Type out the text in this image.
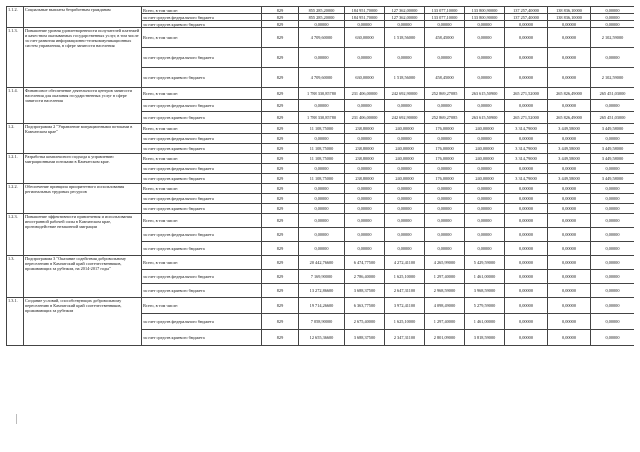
1.1.2.	Социальные выплаты безработным гражданам	Всего, в том числе:	829	855 285,20000	184 951,70000	127 362,00000	133 077,10000	133 800,90000	137 257,40000	138 836,10000	0,00000
		за счет средств федерального бюджета	829	855 285,20000	184 951,70000	127 362,00000	133 077,10000	133 800,90000	137 257,40000	138 836,10000	0,00000
		за счет средств краевого бюджета	829	0,00000	0,00000	0,00000	0,00000	0,00000	0,00000	0,00000	0,00000
1.1.3.	Повышение уровня удовлетворенности получателей платежей и качеством оказываемых государственных услуг, в том числе за счет развития информационно-телекоммуникационных систем управления, в сфере занятости населения	Всего, в том числе:	829	4 709,60000	630,00000	1 518,56000	458,45000	0,00000	0,00000	0,00000	2 102,59000
		за счет средств федерального бюджета	829	0,00000	0,00000	0,00000	0,00000	0,00000	0,00000	0,00000	0,00000
		за счет средств краевого бюджета	829	4 709,60000	630,00000	1 518,56000	458,45000	0,00000	0,00000	0,00000	2 102,59000
1.1.4.	Финансовое обеспечение деятельности центров занятости населения для оказания государственных услуг в сфере занятости населения	Всего, в том числе:	829	1 788 330,85780	231 406,00000	242 692,90000	252 869,27085	263 615,50900	265 271,52000	265 826,49000	265 451,03000
		за счет средств федерального бюджета	829	0,00000	0,00000	0,00000	0,00000	0,00000	0,00000	0,00000	0,00000
		за счет средств краевого бюджета	829	1 788 330,85780	231 406,00000	242 692,90000	252 869,27085	263 615,50900	265 271,52000	265 826,49000	265 451,03000
1.2.	Подпрограмма 2 "Управление миграционными потоками в Камчатском крае"	Всего, в том числе:	829	11 108,75000	238,80000	240,00000	176,00000	240,00000	3 314,79000	3 449,58000	3 449,58000
		за счет средств федерального бюджета	829	0,00000	0,00000	0,00000	0,00000	0,00000	0,00000	0,00000	0,00000
		за счет средств краевого бюджета	829	11 108,75000	238,80000	240,00000	176,00000	240,00000	3 314,79000	3 449,58000	3 449,58000
1.2.1.	Разработка комплексного подхода к управлению миграционными потоками в Камчатском крае.	Всего, в том числе:	829	11 108,75000	238,80000	240,00000	176,00000	240,00000	3 314,79000	3 449,58000	3 449,58000
		за счет средств федерального бюджета	829	0,00000	0,00000	0,00000	0,00000	0,00000	0,00000	0,00000	0,00000
		за счет средств краевого бюджета	829	11 108,75000	238,80000	240,00000	176,00000	240,00000	3 314,79000	3 449,58000	3 449,58000
1.2.2.	Обеспечение принципа приоритетного использования региональных трудовых ресурсов	Всего, в том числе:	829	0,00000	0,00000	0,00000	0,00000	0,00000	0,00000	0,00000	0,00000
		за счет средств федерального бюджета	829	0,00000	0,00000	0,00000	0,00000	0,00000	0,00000	0,00000	0,00000
		за счет средств краевого бюджета	829	0,00000	0,00000	0,00000	0,00000	0,00000	0,00000	0,00000	0,00000
1.2.3.	Повышение эффективности привлечения и использования иностранной рабочей силы в Камчатском крае, противодействие незаконной миграции	Всего, в том числе:	829	0,00000	0,00000	0,00000	0,00000	0,00000	0,00000	0,00000	0,00000
		за счет средств федерального бюджета	829	0,00000	0,00000	0,00000	0,00000	0,00000	0,00000	0,00000	0,00000
		за счет средств краевого бюджета	829	0,00000	0,00000	0,00000	0,00000	0,00000	0,00000	0,00000	0,00000
1.3.	Подпрограмма 3 "Оказание содействия добровольному переселению в Камчатский край соотечественников, проживающих за рубежом, на 2014-2017 годы"	Всего, в том числе:	829	20 442,76600	6 474,77500	4 272,41100	4 265,99000	5 429,59000	0,00000	0,00000	0,00000
		за счет средств федерального бюджета	829	7 169,90000	2 786,40000	1 625,10000	1 297,40000	1 461,00000	0,00000	0,00000	0,00000
		за счет средств краевого бюджета	829	13 272,86600	3 688,37500	2 647,31100	2 968,59000	3 968,59000	0,00000	0,00000	0,00000
1.3.1.	Создание условий, способствующих добровольному переселению в Камчатский край соотечественников, проживающих за рубежом	Всего, в том числе:	829	19 714,26600	6 363,77500	3 972,41100	4 098,49000	5 279,59000	0,00000	0,00000	0,00000
		за счет средств федерального бюджета	829	7 058,90000	2 675,40000	1 625,10000	1 297,40000	1 461,00000	0,00000	0,00000	0,00000
		за счет средств краевого бюджета	829	12 655,36600	3 688,37500	2 347,31100	2 801,09000	3 818,59000	0,00000	0,00000	0,00000
